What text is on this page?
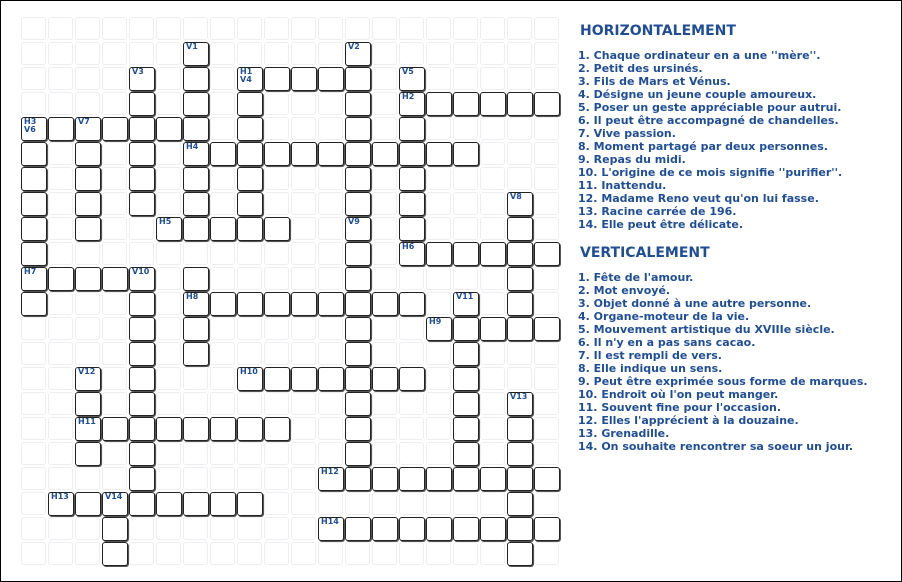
V1	V2
V3	H1
V4
V5
H2
H3
V6
V7
H4
V8
H5	V9
H6
H7	V10
H8	V11
H9
V12	H10
V13
H11
H12
H13	V14
H14
HORIZONTALEMENT
1. Chaque ordinateur en a une ''mère''.
2. Petit des ursinés.
3. Fils de Mars et Vénus.
4. Désigne un jeune couple amoureux.
5. Poser un geste appréciable pour autrui.
6. Il peut être accompagné de chandelles.
7. Vive passion.
8. Moment partagé par deux personnes.
9. Repas du midi.
10. L'origine de ce mois signifie ''purifier''.
11. Inattendu.
12. Madame Reno veut qu'on lui fasse.
13. Racine carrée de 196.
14. Elle peut être délicate.
VERTICALEMENT
1. Fête de l'amour.
2. Mot envoyé.
3. Objet donné à une autre personne.
4. Organe-moteur de la vie.
5. Mouvement artistique du XVIIIe siècle.
6. Il n'y en a pas sans cacao.
7. Il est rempli de vers.
8. Elle indique un sens.
9. Peut être exprimée sous forme de marques.
10. Endroit où l'on peut manger.
11. Souvent fine pour l'occasion.
12. Elles l'apprécient à la douzaine.
13. Grenadille.
14. On souhaite rencontrer sa soeur un jour.
